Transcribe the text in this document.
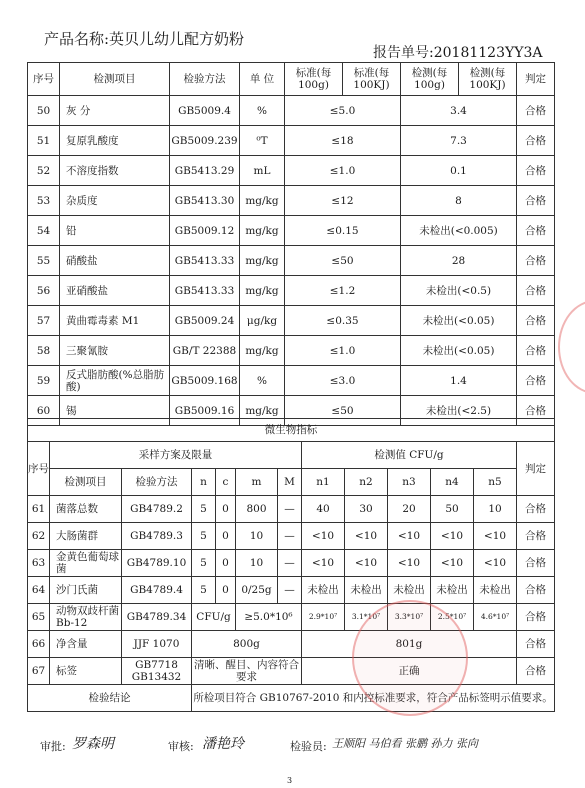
产品名称:英贝儿幼儿配方奶粉
报告单号:20181123YY3A
序号	检测项目	检验方法	单 位	标准(每100g)	标准(每100KJ)	检测(每100g)	检测(每100KJ)	判定
50	灰 分	GB5009.4	%	≤5.0		3.4		合格
51	复原乳酸度	GB5009.239	⁰T	≤18		7.3		合格
52	不溶度指数	GB5413.29	mL	≤1.0		0.1		合格
53	杂质度	GB5413.30	mg/kg	≤12		8		合格
54	铅	GB5009.12	mg/kg	≤0.15		未检出(<0.005)		合格
55	硝酸盐	GB5413.33	mg/kg	≤50		28		合格
56	亚硝酸盐	GB5413.33	mg/kg	≤1.2		未检出(<0.5)		合格
57	黄曲霉毒素 M1	GB5009.24	μg/kg	≤0.35		未检出(<0.05)		合格
58	三聚氰胺	GB/T 22388	mg/kg	≤1.0		未检出(<0.05)		合格
59	反式脂肪酸(%总脂肪酸)	GB5009.168	%	≤3.0		1.4		合格
60	锡	GB5009.16	mg/kg	≤50		未检出(<2.5)		合格
微生物指标												
序号	采样方案及限量						检测值 CFU/g					判定
	检测项目	检验方法	n	c	m	M	n1	n2	n3	n4	n5	
61	菌落总数	GB4789.2	5	0	800	—	40	30	20	50	10	合格
62	大肠菌群	GB4789.3	5	0	10	—	<10	<10	<10	<10	<10	合格
63	金黄色葡萄球菌	GB4789.10	5	0	10	—	<10	<10	<10	<10	<10	合格
64	沙门氏菌	GB4789.4	5	0	0/25g	—	未检出	未检出	未检出	未检出	未检出	合格
65	动物双歧杆菌 Bb-12	GB4789.34	CFU/g		≥5.0*10⁶		2.9*10⁷	3.1*10⁷	3.3*10⁷	2.5*10⁷	4.6*10⁷	合格
66	净含量	JJF 1070	800g				801g					合格
67	标签	GB7718 GB13432	清晰、醒目、内容符合要求				正确					合格
检验结论			所检项目符合 GB10767-2010 和内控标准要求，符合产品标签明示值要求。									
审批: 罗森明	审核: 潘艳玲	检验员: 王顺阳 马伯看 张鹏 孙力 张向
3
